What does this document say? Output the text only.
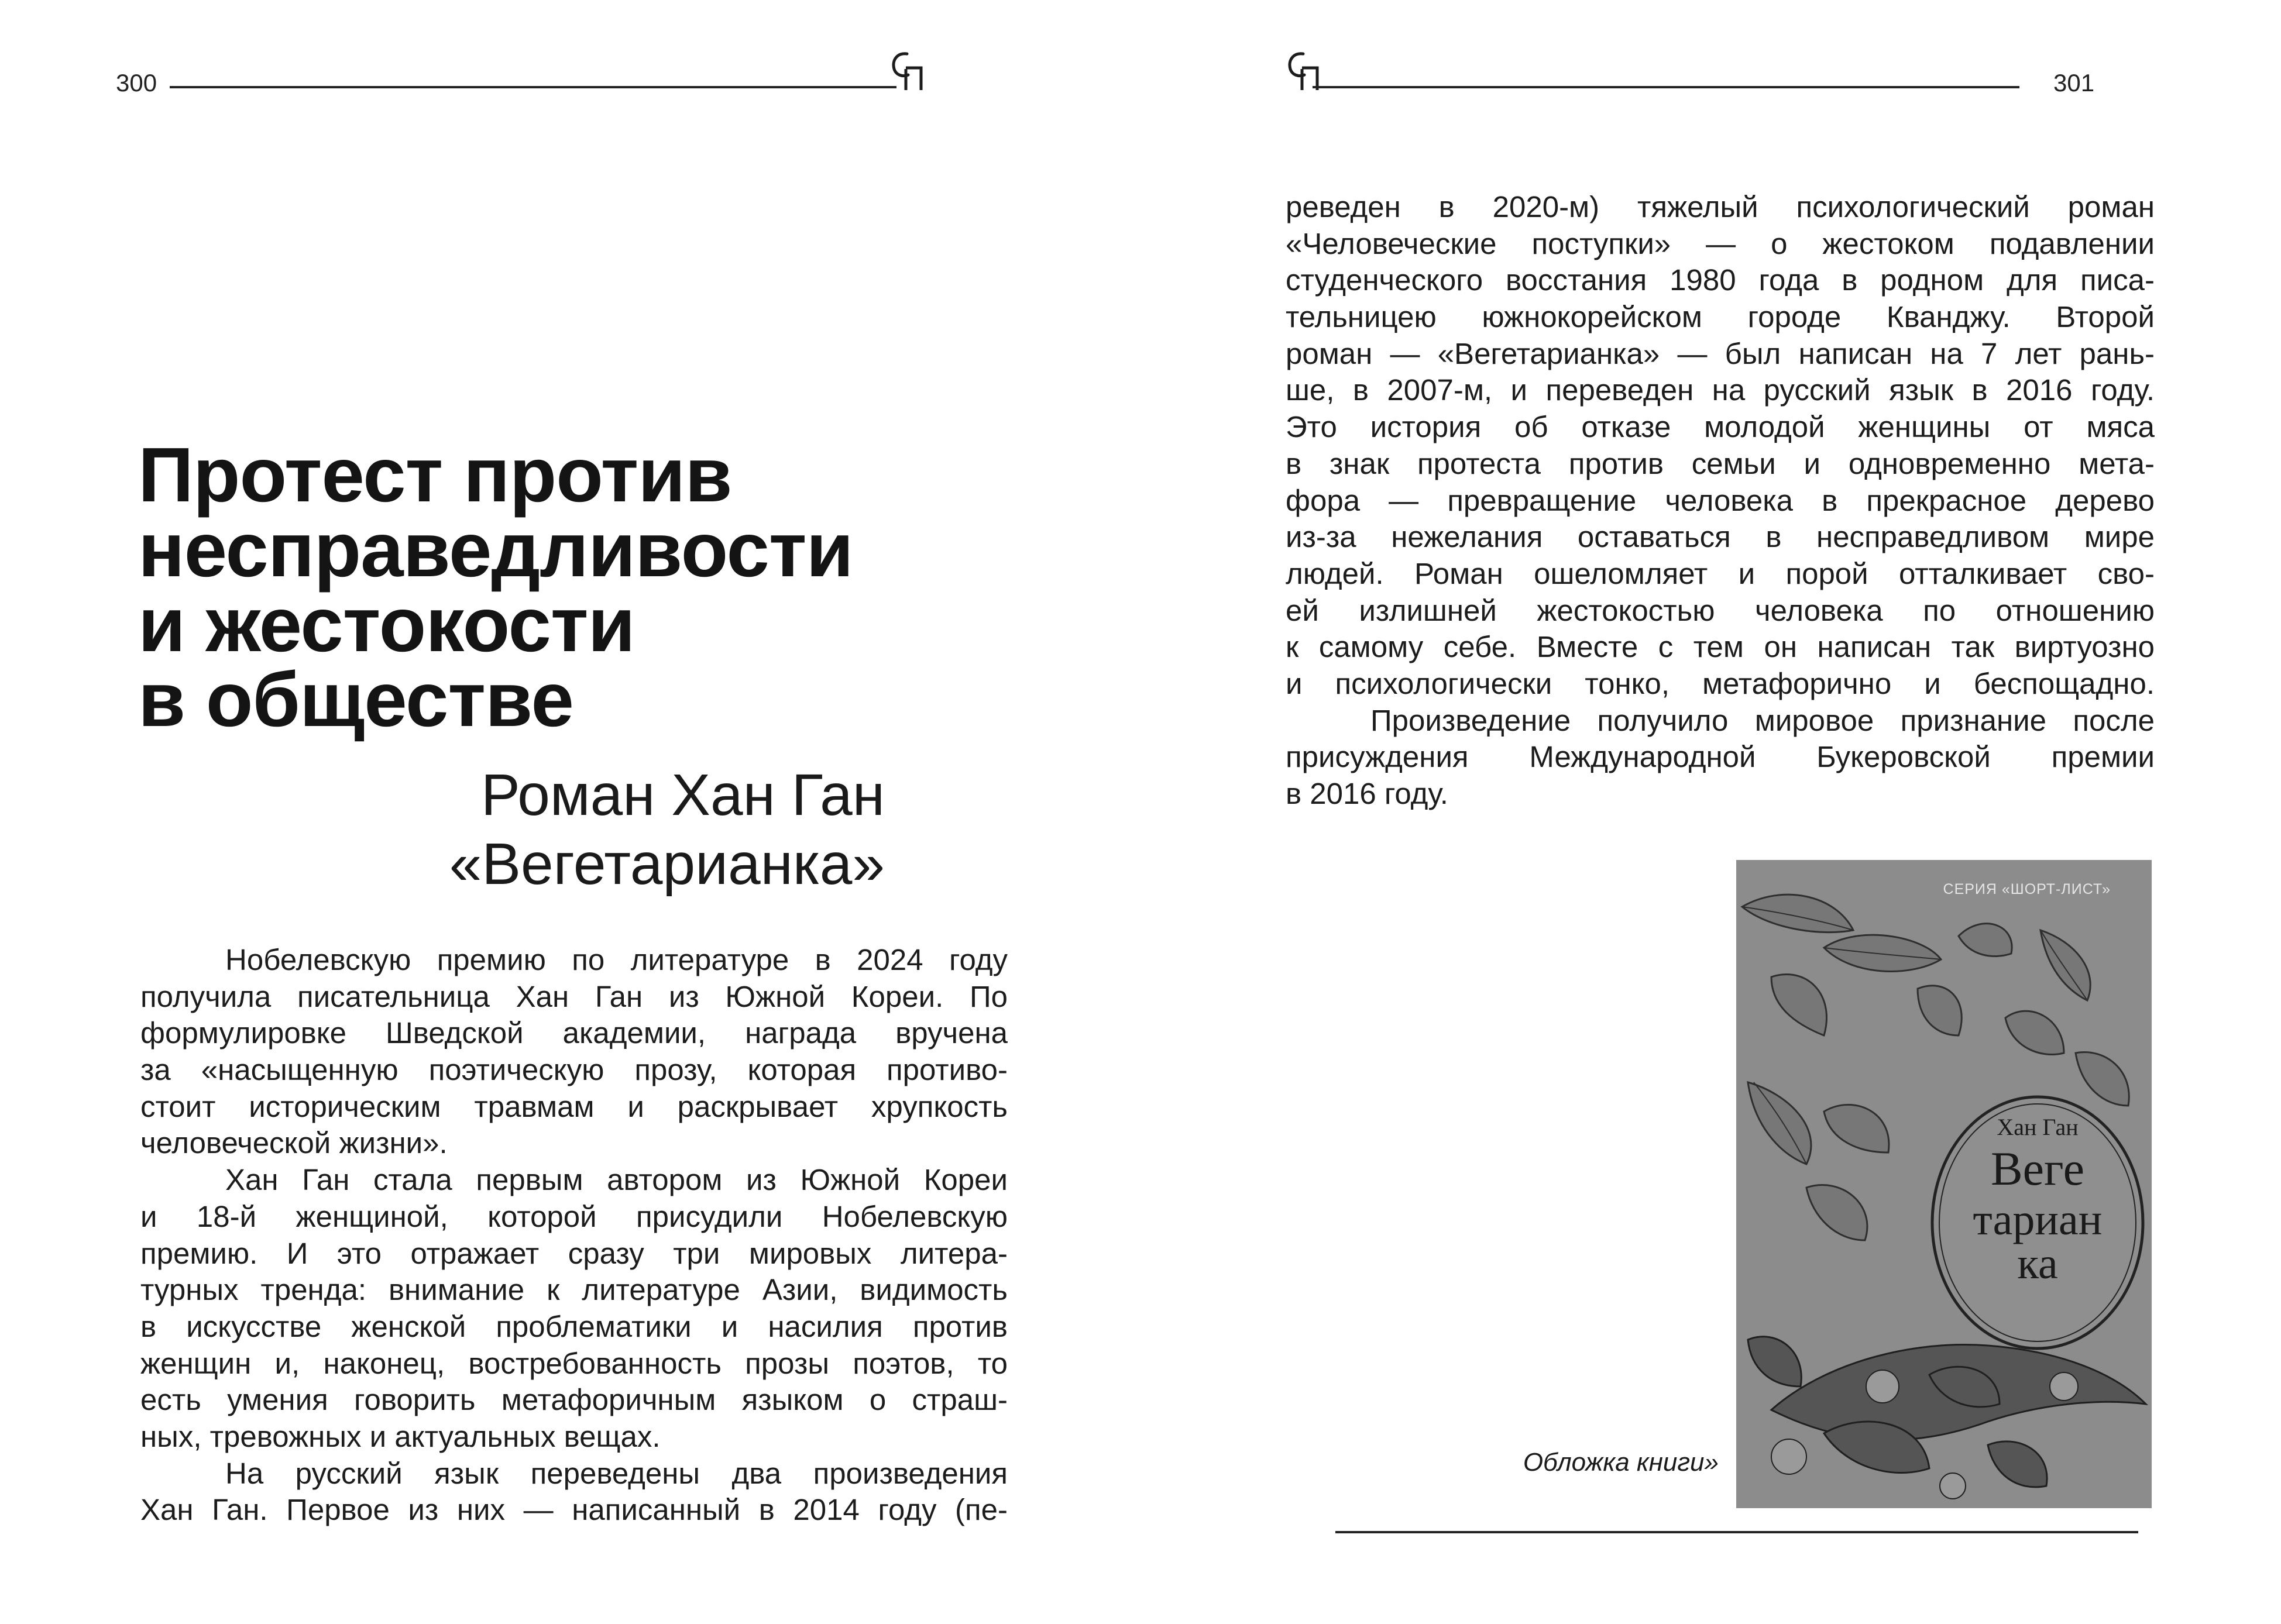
300
Протест против
несправедливости
и жестокости
в обществе
Роман Хан Ган
«Вегетарианка»
Нобелевскую премию по литературе в 2024 году
получила писательница Хан Ган из Южной Кореи. По
формулировке Шведской академии, награда вручена
за «насыщенную поэтическую прозу, которая противо-
стоит историческим травмам и раскрывает хрупкость
человеческой жизни».
Хан Ган стала первым автором из Южной Кореи
и 18-й женщиной, которой присудили Нобелевскую
премию. И это отражает сразу три мировых литера-
турных тренда: внимание к литературе Азии, видимость
в искусстве женской проблематики и насилия против
женщин и, наконец, востребованность прозы поэтов, то
есть умения говорить метафоричным языком о страш-
ных, тревожных и актуальных вещах.
На русский язык переведены два произведения
Хан Ган. Первое из них — написанный в 2014 году (пе-
301
реведен в 2020-м) тяжелый психологический роман
«Человеческие поступки» — о жестоком подавлении
студенческого восстания 1980 года в родном для писа-
тельницею южнокорейском городе Кванджу. Второй
роман — «Вегетарианка» — был написан на 7 лет рань-
ше, в 2007-м, и переведен на русский язык в 2016 году.
Это история об отказе молодой женщины от мяса
в знак протеста против семьи и одновременно мета-
фора — превращение человека в прекрасное дерево
из-за нежелания оставаться в несправедливом мире
людей. Роман ошеломляет и порой отталкивает сво-
ей излишней жестокостью человека по отношению
к самому себе. Вместе с тем он написан так виртуозно
и психологически тонко, метафорично и беспощадно.
Произведение получило мировое признание после
присуждения Международной Букеровской премии
в 2016 году.
СЕРИЯ «ШОРТ-ЛИСТ»
Хан Ган
Веге
тариан
ка
Обложка книги»
